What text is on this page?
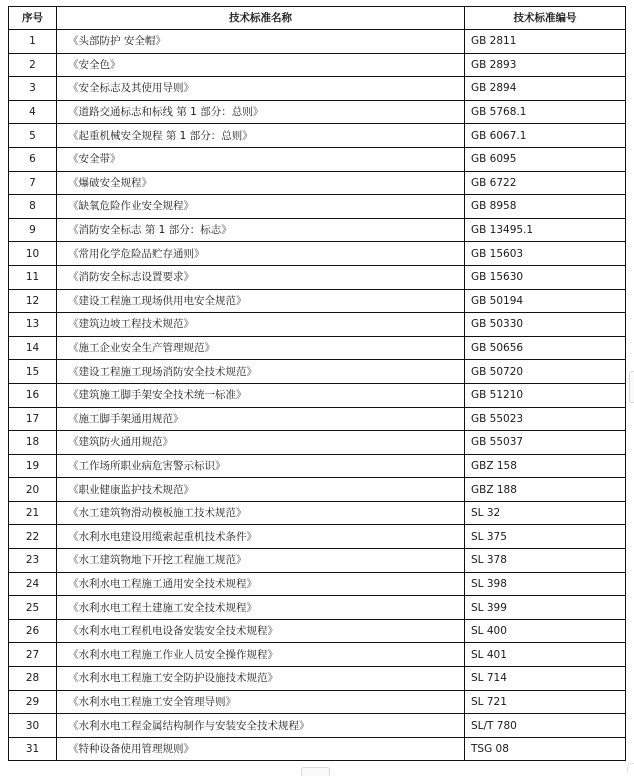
序号	技术标准名称	技术标准编号
1	《头部防护 安全帽》	GB 2811
2	《安全色》	GB 2893
3	《安全标志及其使用导则》	GB 2894
4	《道路交通标志和标线 第 1 部分：总则》	GB 5768.1
5	《起重机械安全规程 第 1 部分：总则》	GB 6067.1
6	《安全带》	GB 6095
7	《爆破安全规程》	GB 6722
8	《缺氧危险作业安全规程》	GB 8958
9	《消防安全标志 第 1 部分：标志》	GB 13495.1
10	《常用化学危险品贮存通则》	GB 15603
11	《消防安全标志设置要求》	GB 15630
12	《建设工程施工现场供用电安全规范》	GB 50194
13	《建筑边坡工程技术规范》	GB 50330
14	《施工企业安全生产管理规范》	GB 50656
15	《建设工程施工现场消防安全技术规范》	GB 50720
16	《建筑施工脚手架安全技术统一标准》	GB 51210
17	《施工脚手架通用规范》	GB 55023
18	《建筑防火通用规范》	GB 55037
19	《工作场所职业病危害警示标识》	GBZ 158
20	《职业健康监护技术规范》	GBZ 188
21	《水工建筑物滑动模板施工技术规范》	SL 32
22	《水利水电建设用缆索起重机技术条件》	SL 375
23	《水工建筑物地下开挖工程施工规范》	SL 378
24	《水利水电工程施工通用安全技术规程》	SL 398
25	《水利水电工程土建施工安全技术规程》	SL 399
26	《水利水电工程机电设备安装安全技术规程》	SL 400
27	《水利水电工程施工作业人员安全操作规程》	SL 401
28	《水利水电工程施工安全防护设施技术规范》	SL 714
29	《水利水电工程施工安全管理导则》	SL 721
30	《水利水电工程金属结构制作与安装安全技术规程》	SL/T 780
31	《特种设备使用管理规则》	TSG 08
